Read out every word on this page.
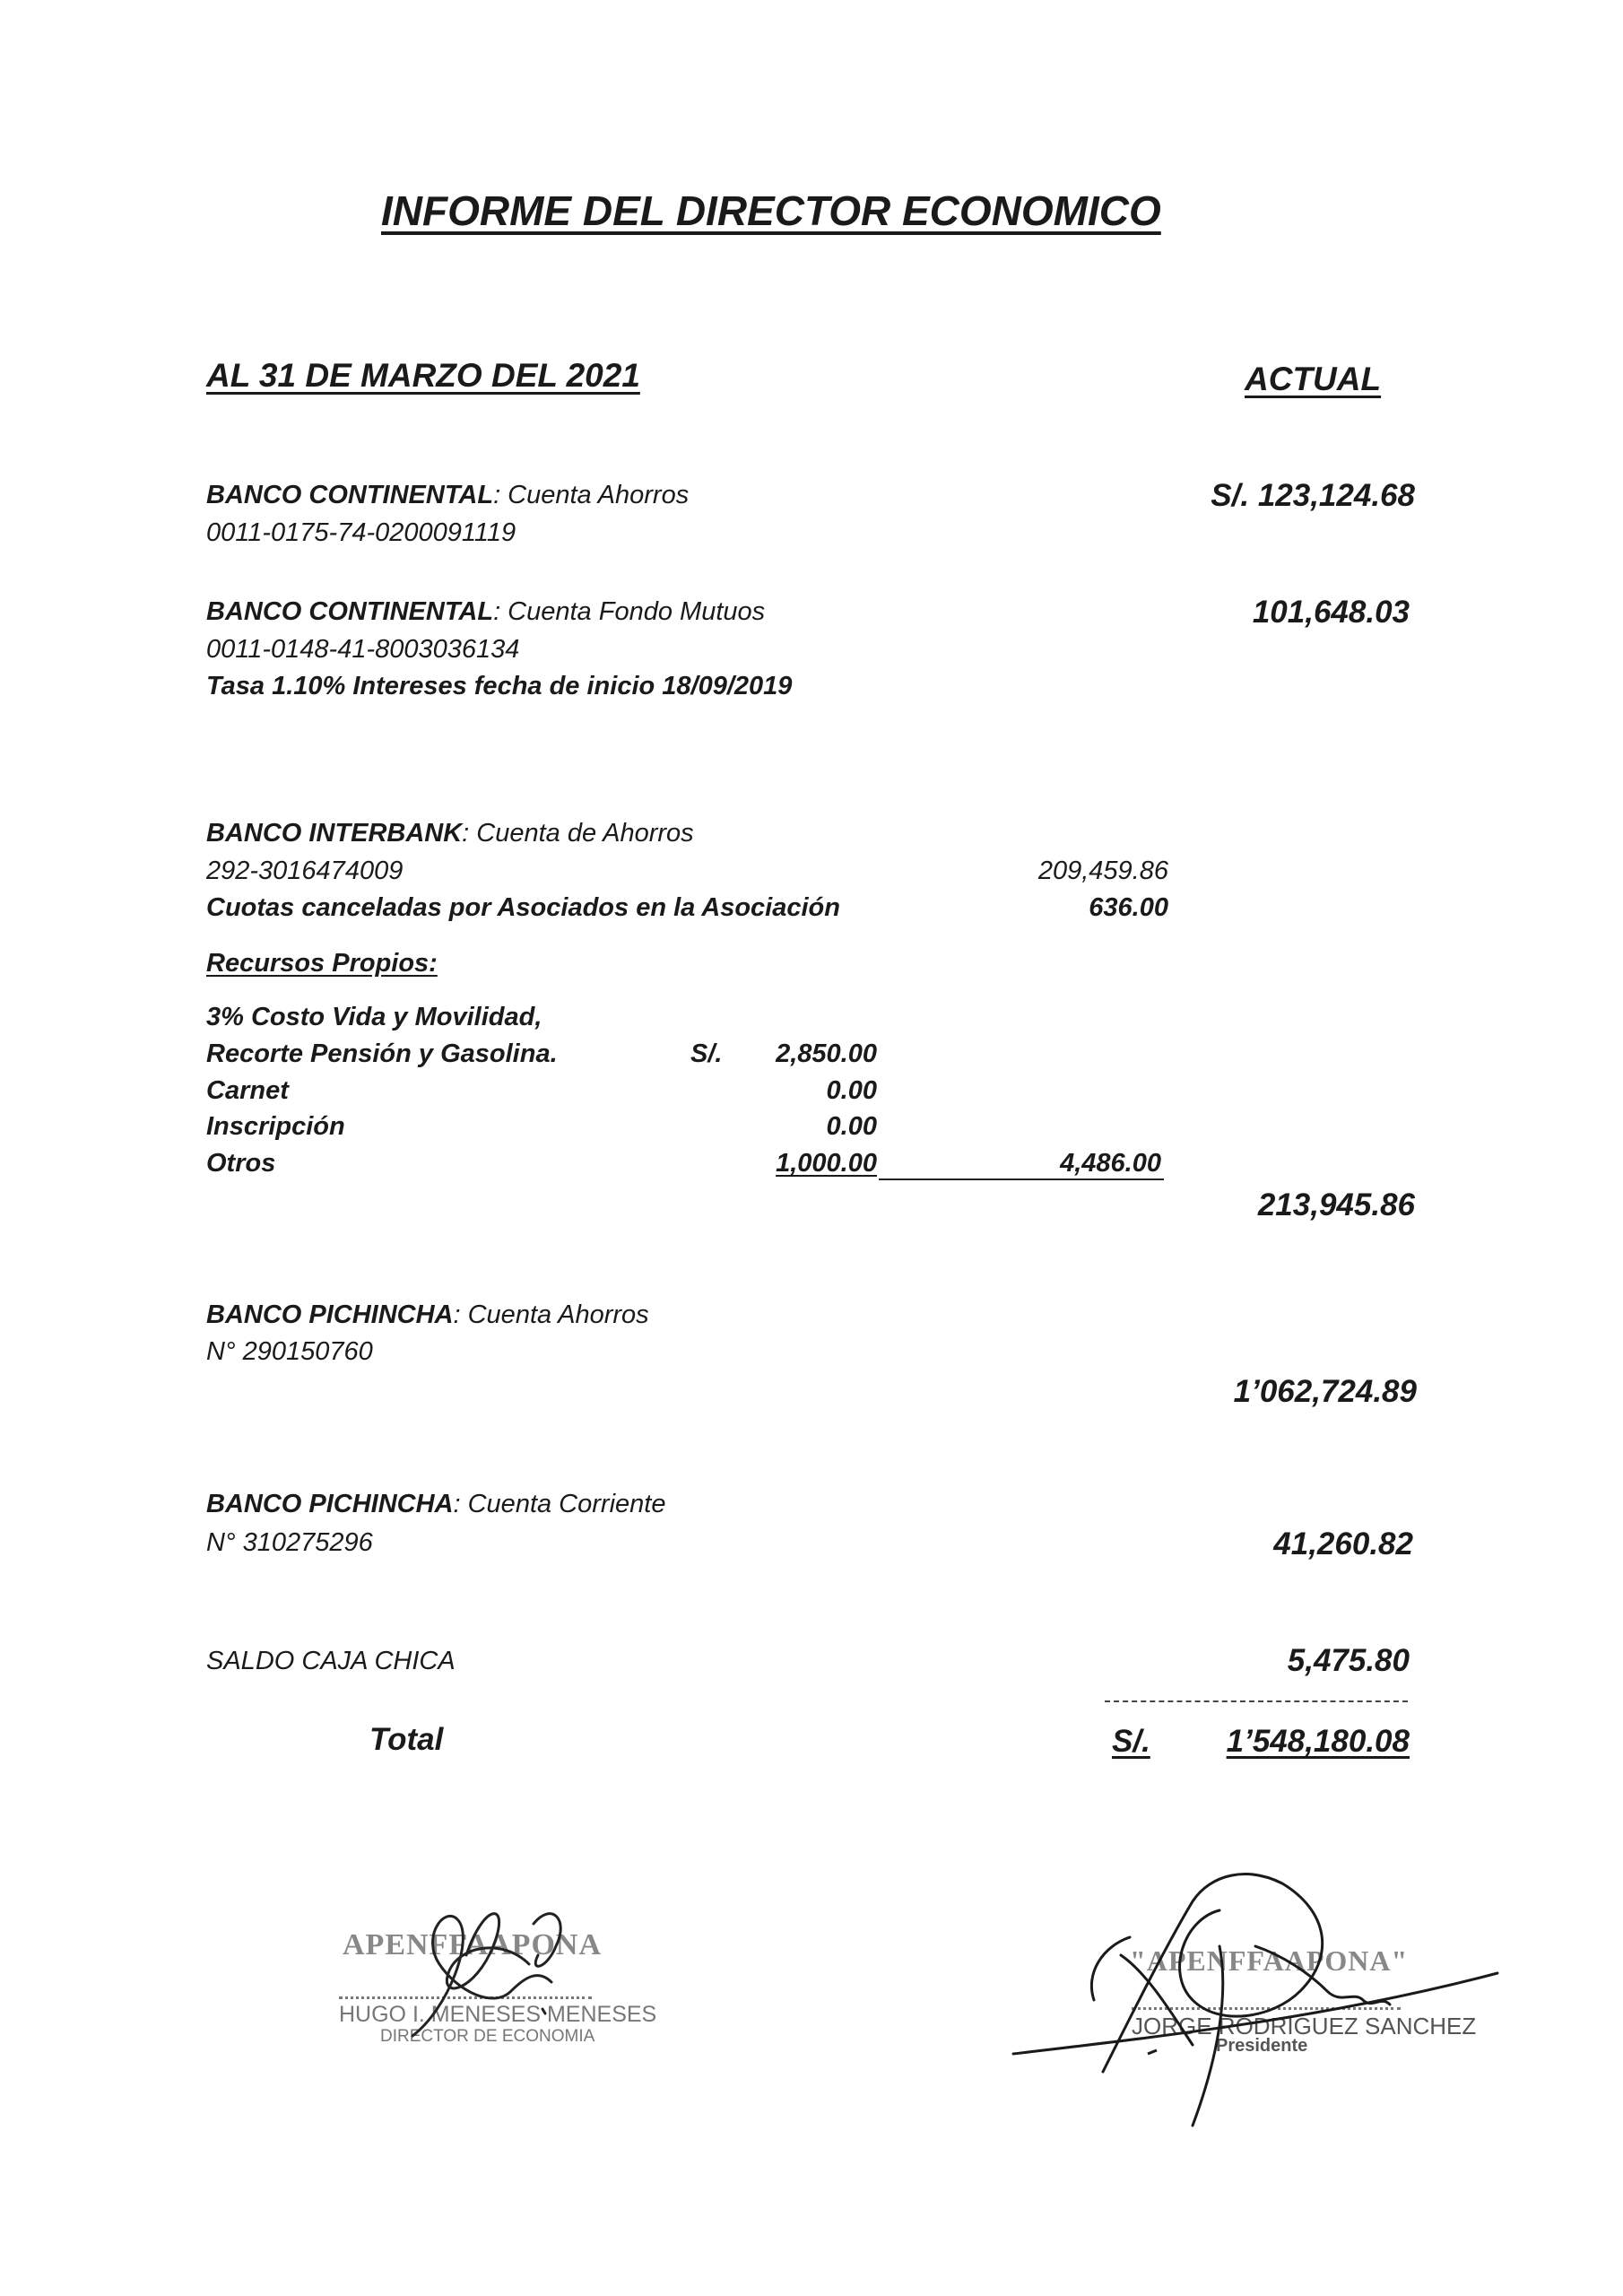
INFORME DEL DIRECTOR ECONOMICO
AL 31 DE MARZO DEL 2021	ACTUAL
BANCO CONTINENTAL: Cuenta Ahorros
0011-0175-74-0200091119
S/. 123,124.68
BANCO CONTINENTAL: Cuenta Fondo Mutuos
0011-0148-41-8003036134
Tasa 1.10% Intereses fecha de inicio 18/09/2019
101,648.03
BANCO INTERBANK: Cuenta de Ahorros
292-3016474009	209,459.86
Cuotas canceladas por Asociados en la Asociación	636.00
Recursos Propios:
3% Costo Vida y Movilidad,
Recorte Pensión y Gasolina.	S/. 2,850.00
Carnet	0.00
Inscripción	0.00
Otros	1,000.00	4,486.00
213,945.86
BANCO PICHINCHA: Cuenta Ahorros
N° 290150760
1’062,724.89
BANCO PICHINCHA: Cuenta Corriente
N° 310275296	41,260.82
SALDO CAJA CHICA	5,475.80
Total	S/. 1’548,180.08
APENFFAAPONA
HUGO I. MENESES MENESES
DIRECTOR DE ECONOMIA
"APENFFAAPONA"
JORGE RODRIGUEZ SANCHEZ
Presidente
